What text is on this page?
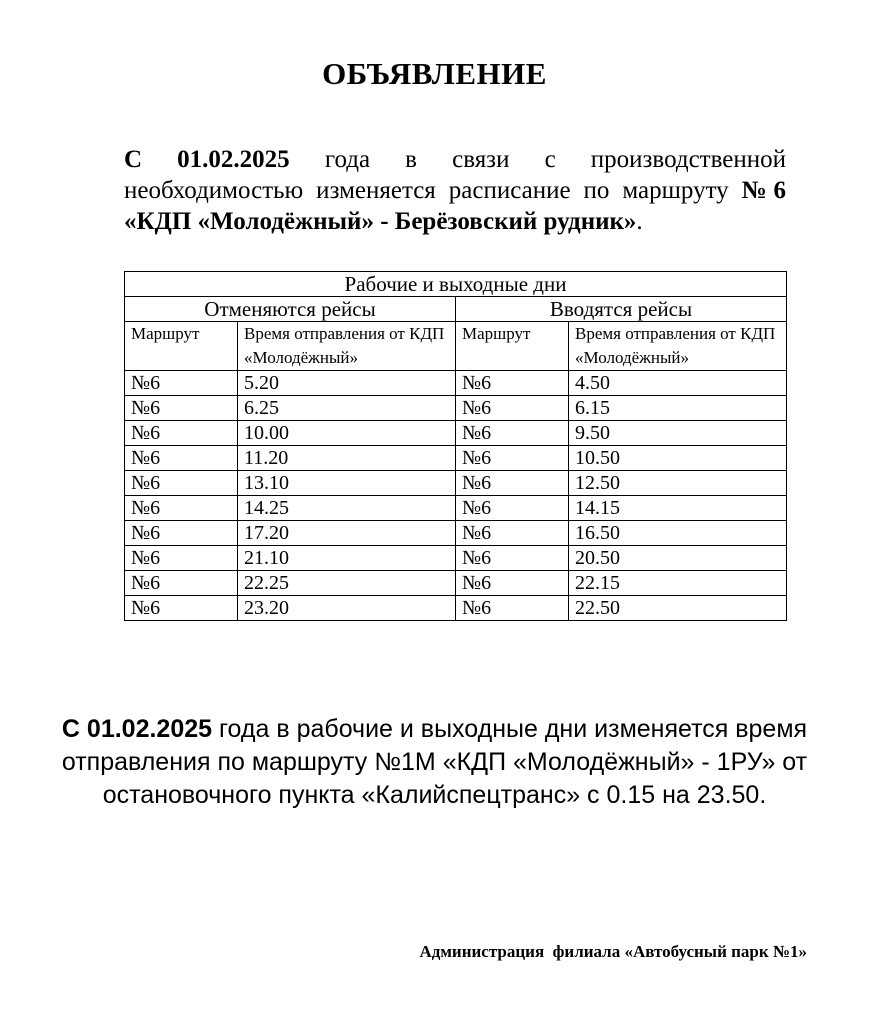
ОБЪЯВЛЕНИЕ
С 01.02.2025 года в связи с производственной необходимостью изменяется расписание по маршруту №6 «КДП «Молодёжный» - Берёзовский рудник».
Рабочие и выходные дни			
Отменяются рейсы		Вводятся рейсы	
Маршрут	Время отправления от КДП «Молодёжный»	Маршрут	Время отправления от КДП «Молодёжный»
№6	5.20	№6	4.50
№6	6.25	№6	6.15
№6	10.00	№6	9.50
№6	11.20	№6	10.50
№6	13.10	№6	12.50
№6	14.25	№6	14.15
№6	17.20	№6	16.50
№6	21.10	№6	20.50
№6	22.25	№6	22.15
№6	23.20	№6	22.50
С 01.02.2025 года в рабочие и выходные дни изменяется время отправления по маршруту №1М «КДП «Молодёжный» - 1РУ» от остановочного пункта «Калийспецтранс» с 0.15 на 23.50.
Администрация  филиала «Автобусный парк №1»
